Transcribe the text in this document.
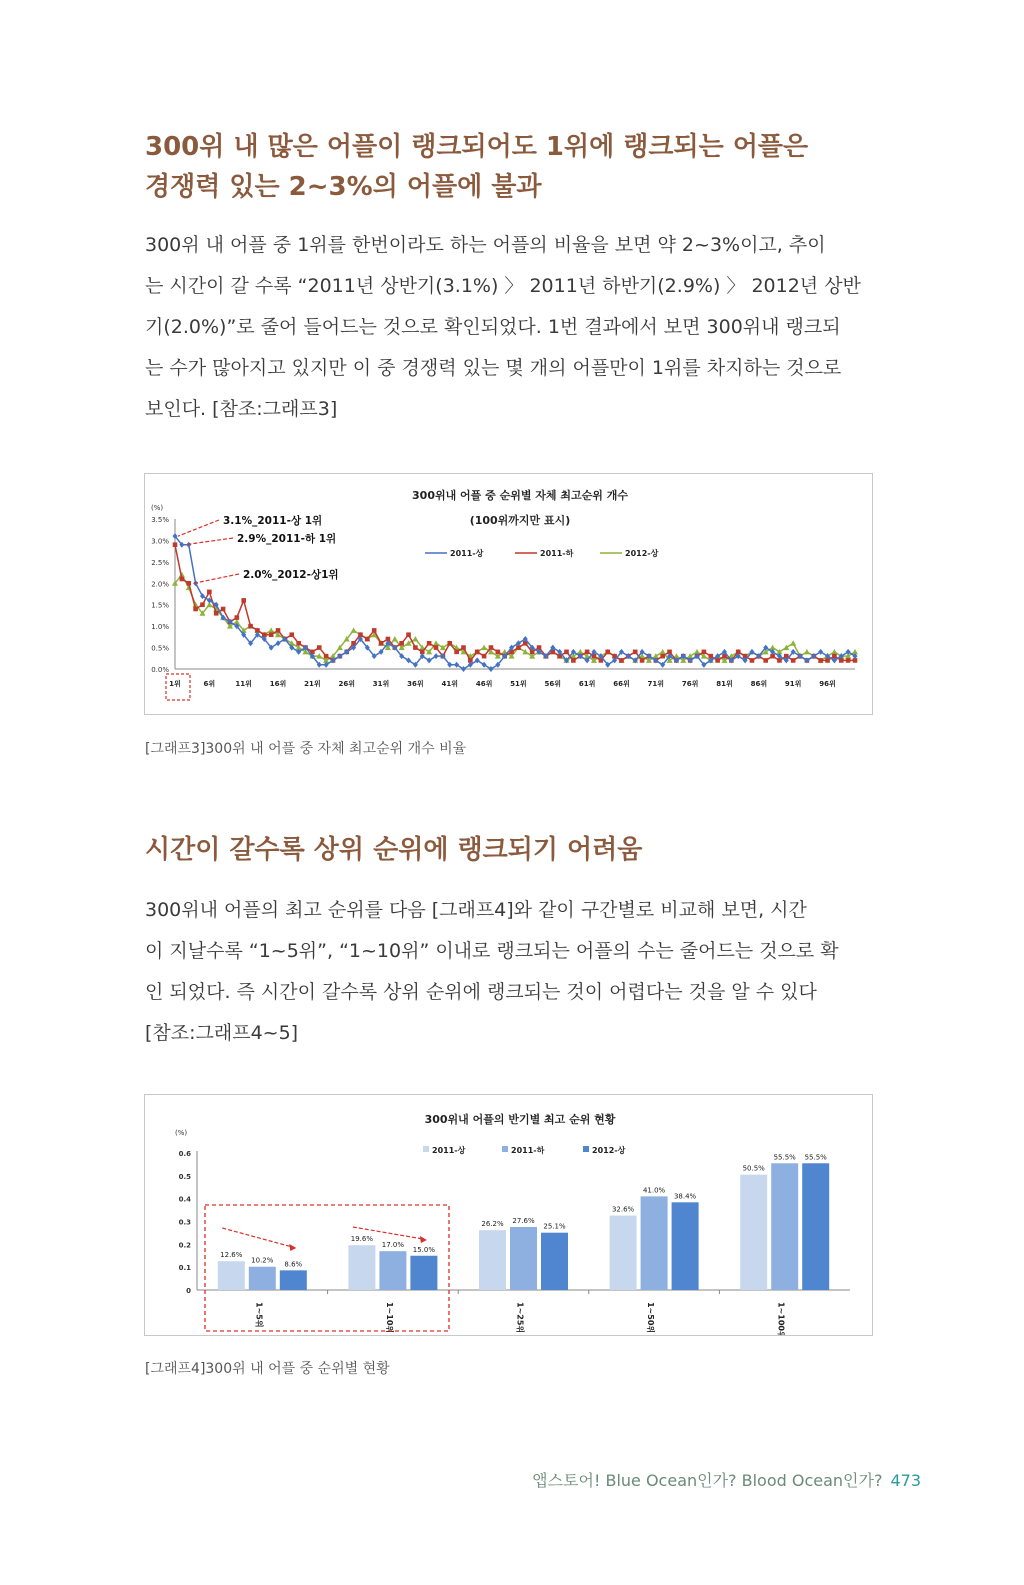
300위 내 많은 어플이 랭크되어도 1위에 랭크되는 어플은
경쟁력 있는 2~3%의 어플에 불과
300위 내 어플 중 1위를 한번이라도 하는 어플의 비율을 보면 약 2~3%이고, 추이
는 시간이 갈 수록 “2011년 상반기(3.1%) 〉 2011년 하반기(2.9%) 〉 2012년 상반
기(2.0%)”로 줄어 들어드는 것으로 확인되었다. 1번 결과에서 보면 300위내 랭크되
는 수가 많아지고 있지만 이 중 경쟁력 있는 몇 개의 어플만이 1위를 차지하는 것으로
보인다. [참조:그래프3]
300위내 어플 중 순위별 자체 최고순위 개수
(100위까지만 표시)
(%)
0.0%
0.5%
1.0%
1.5%
2.0%
2.5%
3.0%
3.5%
1위	6위	11위	16위	21위	26위	31위	36위	41위	46위	51위	56위	61위	66위	71위	76위	81위	86위	91위	96위
2011-상	2011-하	2012-상
3.1%_2011-상 1위
2.9%_2011-하 1위
2.0%_2012-상1위

[그래프3]300위 내 어플 중 자체 최고순위 개수 비율

시간이 갈수록 상위 순위에 랭크되기 어려움
300위내 어플의 최고 순위를 다음 [그래프4]와 같이 구간별로 비교해 보면, 시간
이 지날수록 “1~5위”, “1~10위” 이내로 랭크되는 어플의 수는 줄어드는 것으로 확
인 되었다. 즉 시간이 갈수록 상위 순위에 랭크되는 것이 어렵다는 것을 알 수 있다
[참조:그래프4~5]
300위내 어플의 반기별 최고 순위 현황
(%)
0
0.1
0.2
0.3
0.4
0.5
0.6	2011-상	2011-하	2012-상
12.6%
10.2% 8.6%
1~5위
19.6%
17.0%
15.0%
1~10위
26.2% 27.6%
25.1%
1~25위
32.6%
41.0%
38.4%
1~50위
50.5%
55.5% 55.5%
1~100위

[그래프4]300위 내 어플 중 순위별 현황

앱스토어! Blue Ocean인가? Blood Ocean인가? 473
